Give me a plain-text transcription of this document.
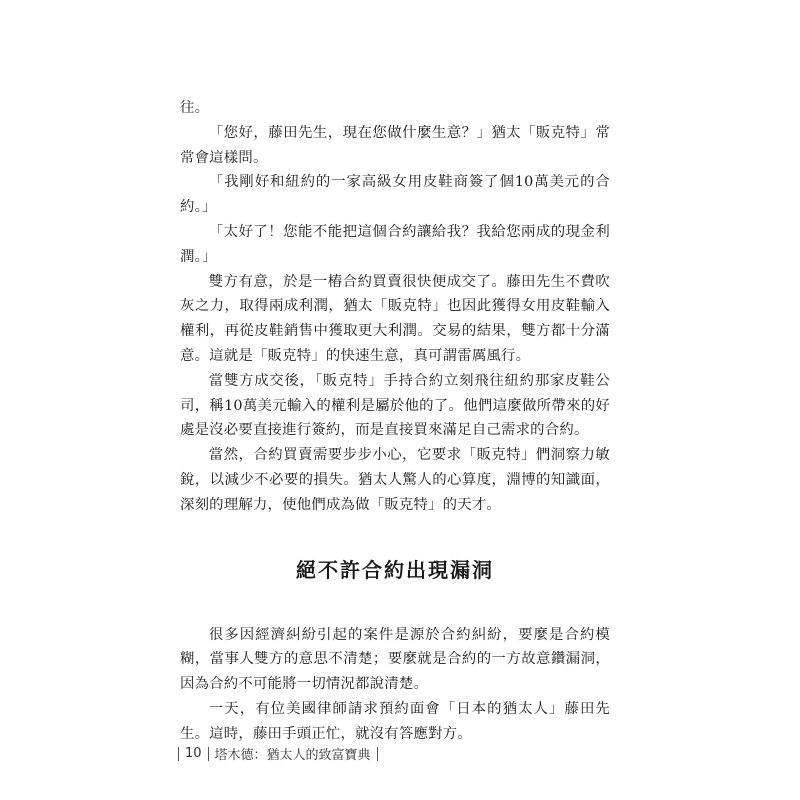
往。

「您好，藤田先生，現在您做什麼生意？」猶太「販克特」常常會這樣問。

「我剛好和紐約的一家高級女用皮鞋商簽了個10萬美元的合約。」

「太好了！您能不能把這個合約讓給我？我給您兩成的現金利潤。」

雙方有意，於是一樁合約買賣很快便成交了。藤田先生不費吹灰之力，取得兩成利潤，猶太「販克特」也因此獲得女用皮鞋輸入權利，再從皮鞋銷售中獲取更大利潤。交易的結果，雙方都十分滿意。這就是「販克特」的快速生意，真可謂雷厲風行。

當雙方成交後，「販克特」手持合約立刻飛往紐約那家皮鞋公司，稱10萬美元輸入的權利是屬於他的了。他們這麼做所帶來的好處是沒必要直接進行簽約，而是直接買來滿足自己需求的合約。

當然，合約買賣需要步步小心，它要求「販克特」們洞察力敏銳，以減少不必要的損失。猶太人驚人的心算度，淵博的知識面，深刻的理解力，使他們成為做「販克特」的天才。

絕不許合約出現漏洞

很多因經濟糾紛引起的案件是源於合約糾紛，要麼是合約模糊，當事人雙方的意思不清楚；要麼就是合約的一方故意鑽漏洞，因為合約不可能將一切情況都說清楚。

一天，有位美國律師請求預約面會「日本的猶太人」藤田先生。這時，藤田手頭正忙，就沒有答應對方。

10 塔木德：猶太人的致富寶典
